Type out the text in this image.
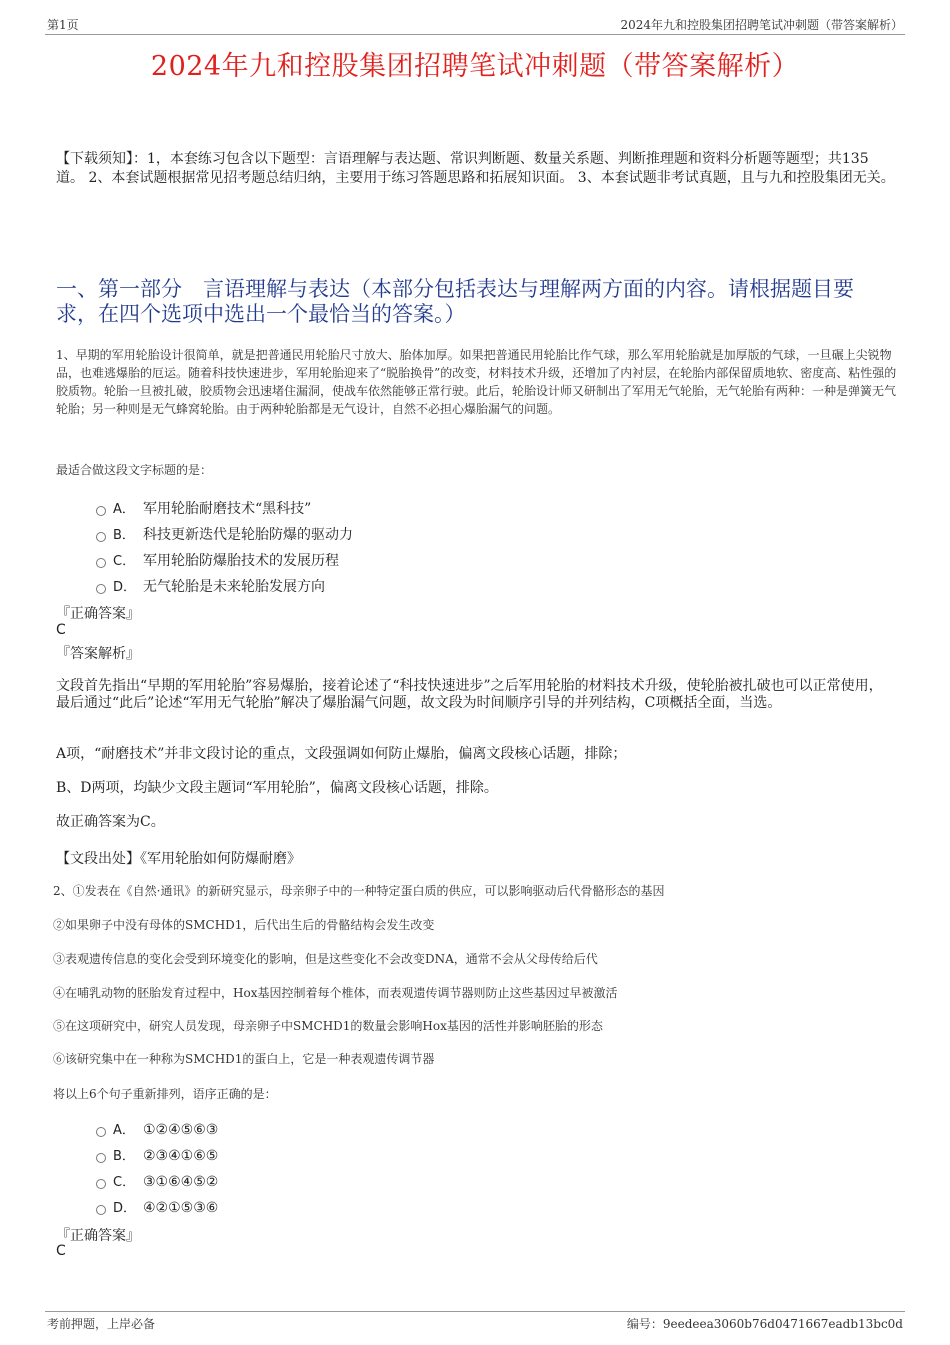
第1页	2024年九和控股集团招聘笔试冲刺题（带答案解析）
2024年九和控股集团招聘笔试冲刺题（带答案解析）
【下载须知】：1，本套练习包含以下题型：言语理解与表达题、常识判断题、数量关系题、判断推理题和资料分析题等题型；共135道。 2、本套试题根据常见招考题总结归纳，主要用于练习答题思路和拓展知识面。 3、本套试题非考试真题，且与九和控股集团无关。
一、第一部分　言语理解与表达（本部分包括表达与理解两方面的内容。请根据题目要求，在四个选项中选出一个最恰当的答案。）
1、早期的军用轮胎设计很简单，就是把普通民用轮胎尺寸放大、胎体加厚。如果把普通民用轮胎比作气球，那么军用轮胎就是加厚版的气球，一旦碾上尖锐物品，也难逃爆胎的厄运。随着科技快速进步，军用轮胎迎来了“脱胎换骨”的改变，材料技术升级，还增加了内衬层，在轮胎内部保留质地软、密度高、粘性强的胶质物。轮胎一旦被扎破，胶质物会迅速堵住漏洞，使战车依然能够正常行驶。此后，轮胎设计师又研制出了军用无气轮胎，无气轮胎有两种：一种是弹簧无气轮胎；另一种则是无气蜂窝轮胎。由于两种轮胎都是无气设计，自然不必担心爆胎漏气的问题。
最适合做这段文字标题的是：
A． 军用轮胎耐磨技术“黑科技”
B． 科技更新迭代是轮胎防爆的驱动力
C． 军用轮胎防爆胎技术的发展历程
D． 无气轮胎是未来轮胎发展方向
『正确答案』
C
『答案解析』
文段首先指出“早期的军用轮胎”容易爆胎，接着论述了“科技快速进步”之后军用轮胎的材料技术升级，使轮胎被扎破也可以正常使用，最后通过“此后”论述“军用无气轮胎”解决了爆胎漏气问题，故文段为时间顺序引导的并列结构，C项概括全面，当选。
A项，“耐磨技术”并非文段讨论的重点，文段强调如何防止爆胎，偏离文段核心话题，排除；
B、D两项，均缺少文段主题词“军用轮胎”，偏离文段核心话题，排除。
故正确答案为C。
【文段出处】《军用轮胎如何防爆耐磨》
2、①发表在《自然·通讯》的新研究显示，母亲卵子中的一种特定蛋白质的供应，可以影响驱动后代骨骼形态的基因
②如果卵子中没有母体的SMCHD1，后代出生后的骨骼结构会发生改变
③表观遗传信息的变化会受到环境变化的影响，但是这些变化不会改变DNA，通常不会从父母传给后代
④在哺乳动物的胚胎发育过程中，Hox基因控制着每个椎体，而表观遗传调节器则防止这些基因过早被激活
⑤在这项研究中，研究人员发现，母亲卵子中SMCHD1的数量会影响Hox基因的活性并影响胚胎的形态
⑥该研究集中在一种称为SMCHD1的蛋白上，它是一种表观遗传调节器
将以上6个句子重新排列，语序正确的是：
A． ①②④⑤⑥③
B． ②③④①⑥⑤
C． ③①⑥④⑤②
D． ④②①⑤③⑥
『正确答案』
C
考前押题，上岸必备	编号：9eedeea3060b76d0471667eadb13bc0d
